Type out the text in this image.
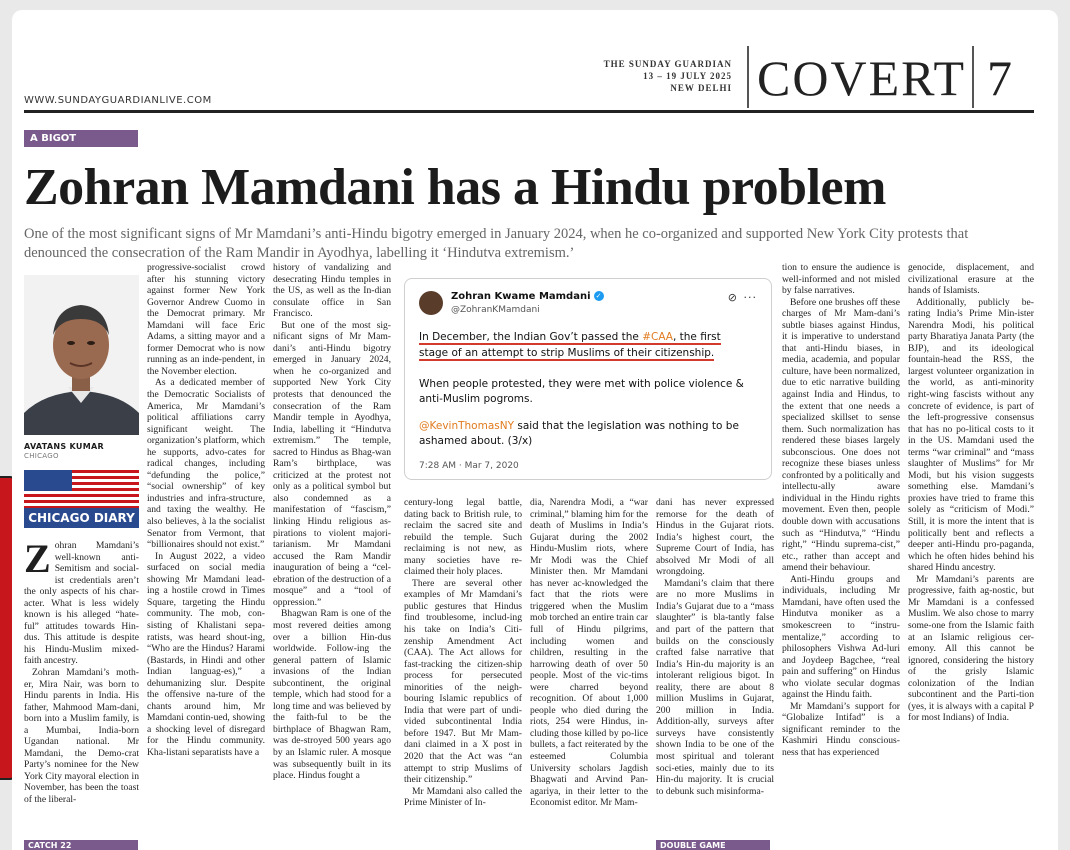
WWW.SUNDAYGUARDIANLIVE.COM
THE SUNDAY GUARDIAN
13 – 19 JULY 2025
NEW DELHI COVERT 7
A BIGOT
Zohran Mamdani has a Hindu problem
One of the most significant signs of Mr Mamdani’s anti-Hindu bigotry emerged in January 2024, when he co-organized and supported New York City protests that denounced the consecration of the Ram Mandir in Ayodhya, labelling it ‘Hindutva extremism.’
AVATANS KUMAR
CHICAGO
CHICAGO DIARY

Zohran Mamdani’s well-known anti-Semitism and social-ist credentials aren’t the only aspects of his char-acter. What is less widely known is his alleged “hate-ful” attitudes towards Hin-dus. This attitude is despite his Hindu-Muslim mixed-faith ancestry.

Zohran Mamdani’s moth-er, Mira Nair, was born to Hindu parents in India. His father, Mahmood Mam-dani, born into a Muslim family, is a Mumbai, India-born Ugandan national. Mr Mamdani, the Demo-crat Party’s nominee for the New York City mayoral election in November, has been the toast of the liberal-

progressive-socialist crowd after his stunning victory against former New York Governor Andrew Cuomo in the Democrat primary. Mr Mamdani will face Eric Adams, a sitting mayor and a former Democrat who is now running as an inde-pendent, in the November election.

As a dedicated member of the Democratic Socialists of America, Mr Mamdani’s political affiliations carry significant weight. The organization’s platform, which he supports, advo-cates for radical changes, including “defunding the police,” “social ownership” of key industries and infra-structure, and taxing the wealthy. He also believes, à la the socialist Senator from Vermont, that “billionaires should not exist.”

In August 2022, a video surfaced on social media showing Mr Mamdani lead-ing a hostile crowd in Times Square, targeting the Hindu community. The mob, con-sisting of Khalistani sepa-ratists, was heard shout-ing, “Who are the Hindus? Harami (Bastards, in Hindi and other Indian languag-es),” a dehumanizing slur. Despite the offensive na-ture of the chants around him, Mr Mamdani contin-ued, showing a shocking level of disregard for the Hindu community. Kha-listani separatists have a

history of vandalizing and desecrating Hindu temples in the US, as well as the In-dian consulate office in San Francisco.

But one of the most sig-nificant signs of Mr Mam-dani’s anti-Hindu bigotry emerged in January 2024, when he co-organized and supported New York City protests that denounced the consecration of the Ram Mandir temple in Ayodhya, India, labelling it “Hindutva extremism.” The temple, sacred to Hindus as Bhag-wan Ram’s birthplace, was criticized at the protest not only as a political symbol but also condemned as a manifestation of “fascism,” linking Hindu religious as-pirations to violent majori-tarianism. Mr Mamdani accused the Ram Mandir inauguration of being a “cel-ebration of the destruction of a mosque” and a “tool of oppression.”

Bhagwan Ram is one of the most revered deities among over a billion Hin-dus worldwide. Follow-ing the general pattern of Islamic invasions of the Indian subcontinent, the original temple, which had stood for a long time and was believed by the faith-ful to be the birthplace of Bhagwan Ram, was de-stroyed 500 years ago by an Islamic ruler. A mosque was subsequently built in its place. Hindus fought a

Zohran Kwame Mamdani ✓
@ZohranKMamdani
⊘ ···
In December, the Indian Gov’t passed the #CAA, the first stage of an attempt to strip Muslims of their citizenship.
When people protested, they were met with police violence & anti-Muslim pogroms.
@KevinThomasNY said that the legislation was nothing to be ashamed about. (3/x)
7:28 AM · Mar 7, 2020

century-long legal battle, dating back to British rule, to reclaim the sacred site and rebuild the temple. Such reclaiming is not new, as many societies have re-claimed their holy places.

There are several other examples of Mr Mamdani’s public gestures that Hindus find troublesome, includ-ing his take on India’s Citi-zenship Amendment Act (CAA). The Act allows for fast-tracking the citizen-ship process for persecuted minorities of the neigh-bouring Islamic republics of India that were part of undi-vided subcontinental India before 1947. But Mr Mam-dani claimed in a X post in 2020 that the Act was “an attempt to strip Muslims of their citizenship.”

Mr Mamdani also called the Prime Minister of In-

dia, Narendra Modi, a “war criminal,” blaming him for the death of Muslims in India’s Gujarat during the 2002 Hindu-Muslim riots, where Mr Modi was the Chief Minister then. Mr Mamdani has never ac-knowledged the fact that the riots were triggered when the Muslim mob torched an entire train car full of Hindu pilgrims, including women and children, resulting in the harrowing death of over 50 people. Most of the vic-tims were charred beyond recognition. Of about 1,000 people who died during the riots, 254 were Hindus, in-cluding those killed by po-lice bullets, a fact reiterated by the esteemed Columbia University scholars Jagdish Bhagwati and Arvind Pan-agariya, in their letter to the Economist editor. Mr Mam-

dani has never expressed remorse for the death of Hindus in the Gujarat riots. India’s highest court, the Supreme Court of India, has absolved Mr Modi of all wrongdoing.

Mamdani’s claim that there are no more Muslims in India’s Gujarat due to a “mass slaughter” is bla-tantly false and part of the pattern that builds on the consciously crafted false narrative that India’s Hin-du majority is an intolerant religious bigot. In reality, there are about 8 million Muslims in Gujarat, 200 million in India. Addition-ally, surveys after surveys have consistently shown India to be one of the most spiritual and tolerant soci-eties, mainly due to its Hin-du majority. It is crucial to debunk such misinforma-

tion to ensure the audience is well-informed and not misled by false narratives.

Before one brushes off these charges of Mr Mam-dani’s subtle biases against Hindus, it is imperative to understand that anti-Hindu biases, in media, academia, and popular culture, have been normalized, due to etic narrative building against India and Hindus, to the extent that one needs a specialized skillset to sense them. Such normalization has rendered these biases largely subconscious. One does not recognize these biases unless confronted by a politically and intellectu-ally aware individual in the Hindu rights movement. Even then, people double down with accusations such as “Hindutva,” “Hindu right,” “Hindu suprema-cist,” etc., rather than accept and amend their behaviour.

Anti-Hindu groups and individuals, including Mr Mamdani, have often used the Hindutva moniker as a smokescreen to “instru-mentalize,” according to philosophers Vishwa Ad-luri and Joydeep Bagchee, “real pain and suffering” on Hindus who violate secular dogmas against the Hindu faith.

Mr Mamdani’s support for “Globalize Intifad” is a significant reminder to the Kashmiri Hindu conscious-ness that has experienced

genocide, displacement, and civilizational erasure at the hands of Islamists.

Additionally, publicly be-rating India’s Prime Min-ister Narendra Modi, his political party Bharatiya Janata Party (the BJP), and its ideological fountain-head the RSS, the largest volunteer organization in the world, as anti-minority right-wing fascists without any concrete of evidence, is part of the left-progressive consensus that has no po-litical costs to it in the US. Mamdani used the terms “war criminal” and “mass slaughter of Muslims” for Mr Modi, but his vision suggests something else. Mamdani’s proxies have tried to frame this solely as “criticism of Modi.” Still, it is more the intent that is politically bent and reflects a deeper anti-Hindu pro-paganda, which he often hides behind his shared Hindu ancestry.

Mr Mamdani’s parents are progressive, faith ag-nostic, but Mr Mamdani is a confessed Muslim. We also chose to marry some-one from the Islamic faith at an Islamic religious cer-emony. All this cannot be ignored, considering the history of the grisly Islamic colonization of the Indian subcontinent and the Parti-tion (yes, it is always with a capital P for most Indians) of India.

CATCH 22	DOUBLE GAME
